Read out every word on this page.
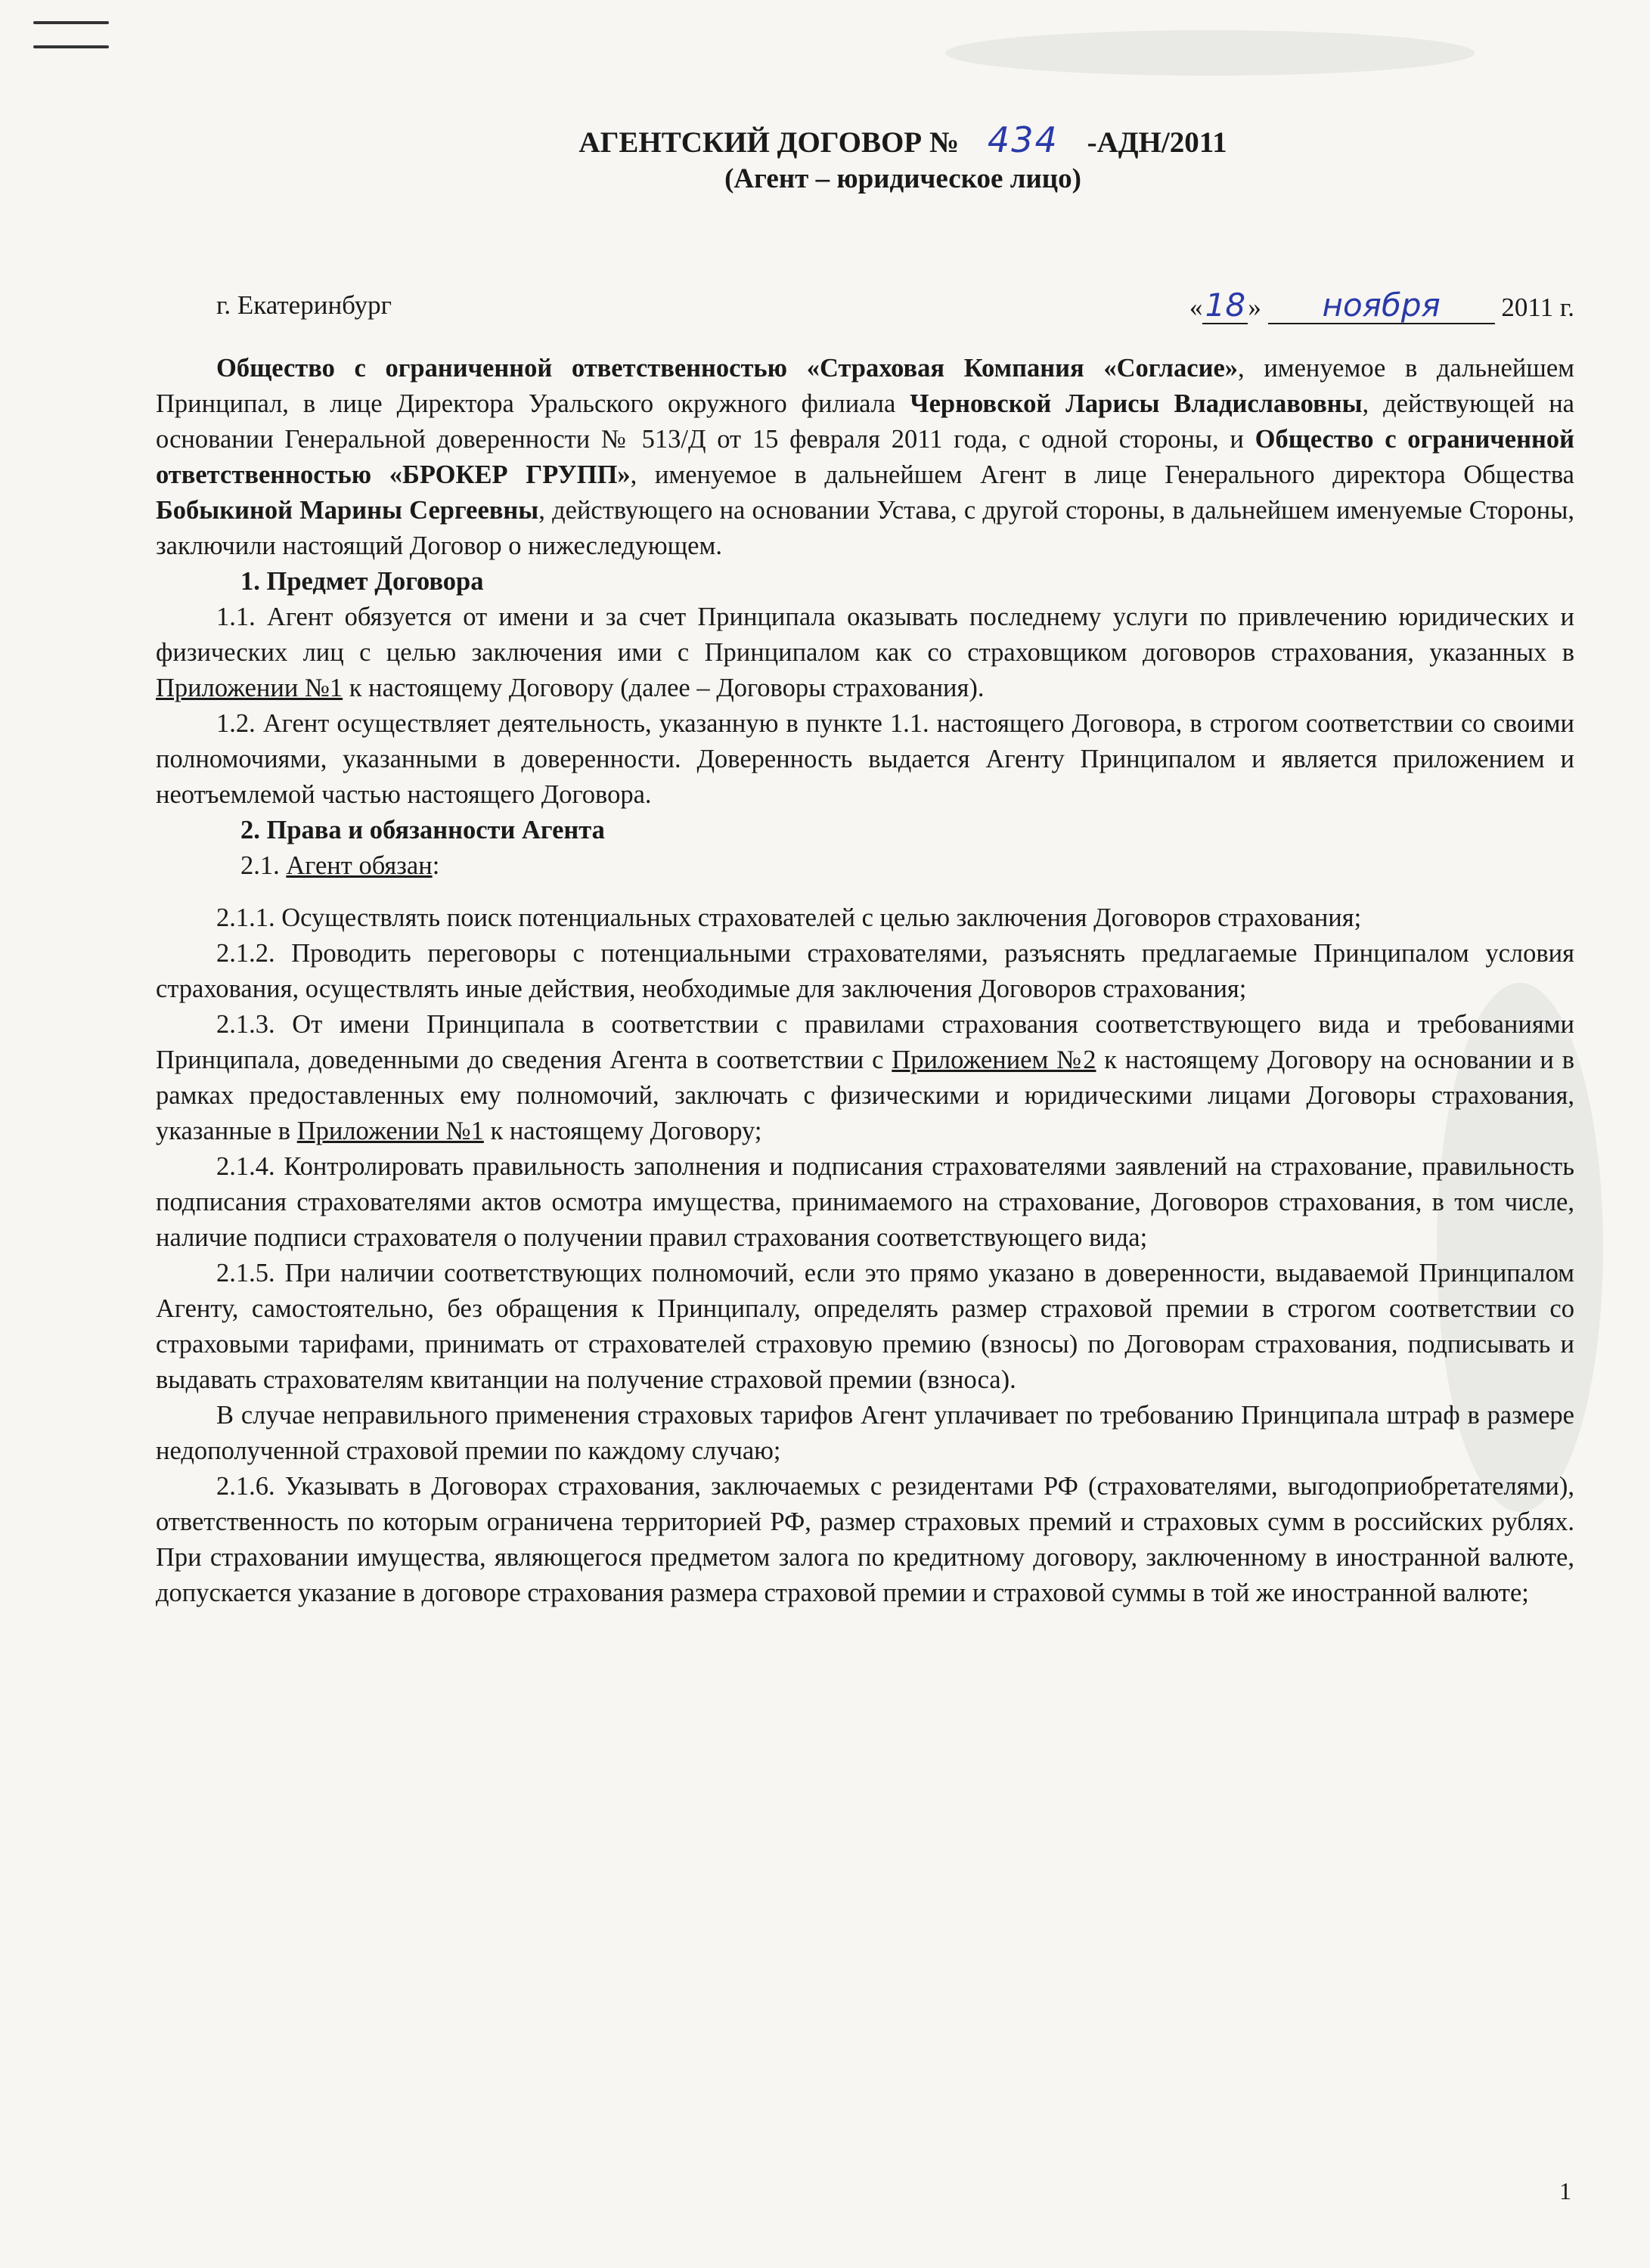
АГЕНТСКИЙ ДОГОВОР № 434 -АДН/2011
(Агент – юридическое лицо)
г. Екатеринбург	«18» ноября 2011 г.

Общество с ограниченной ответственностью «Страховая Компания «Согласие», именуемое в дальнейшем Принципал, в лице Директора Уральского окружного филиала Черновской Ларисы Владиславовны, действующей на основании Генеральной доверенности № 513/Д от 15 февраля 2011 года, с одной стороны, и Общество с ограниченной ответственностью «БРОКЕР ГРУПП», именуемое в дальнейшем Агент в лице Генерального директора Общества Бобыкиной Марины Сергеевны, действующего на основании Устава, с другой стороны, в дальнейшем именуемые Стороны, заключили настоящий Договор о нижеследующем.

1. Предмет Договора

1.1. Агент обязуется от имени и за счет Принципала оказывать последнему услуги по привлечению юридических и физических лиц с целью заключения ими с Принципалом как со страховщиком договоров страхования, указанных в Приложении №1 к настоящему Договору (далее – Договоры страхования).

1.2. Агент осуществляет деятельность, указанную в пункте 1.1. настоящего Договора, в строгом соответствии со своими полномочиями, указанными в доверенности. Доверенность выдается Агенту Принципалом и является приложением и неотъемлемой частью настоящего Договора.

2. Права и обязанности Агента

2.1. Агент обязан:

2.1.1. Осуществлять поиск потенциальных страхователей с целью заключения Договоров страхования;

2.1.2. Проводить переговоры с потенциальными страхователями, разъяснять предлагаемые Принципалом условия страхования, осуществлять иные действия, необходимые для заключения Договоров страхования;

2.1.3. От имени Принципала в соответствии с правилами страхования соответствующего вида и требованиями Принципала, доведенными до сведения Агента в соответствии с Приложением №2 к настоящему Договору на основании и в рамках предоставленных ему полномочий, заключать с физическими и юридическими лицами Договоры страхования, указанные в Приложении №1 к настоящему Договору;

2.1.4. Контролировать правильность заполнения и подписания страхователями заявлений на страхование, правильность подписания страхователями актов осмотра имущества, принимаемого на страхование, Договоров страхования, в том числе, наличие подписи страхователя о получении правил страхования соответствующего вида;

2.1.5. При наличии соответствующих полномочий, если это прямо указано в доверенности, выдаваемой Принципалом Агенту, самостоятельно, без обращения к Принципалу, определять размер страховой премии в строгом соответствии со страховыми тарифами, принимать от страхователей страховую премию (взносы) по Договорам страхования, подписывать и выдавать страхователям квитанции на получение страховой премии (взноса).

В случае неправильного применения страховых тарифов Агент уплачивает по требованию Принципала штраф в размере недополученной страховой премии по каждому случаю;

2.1.6. Указывать в Договорах страхования, заключаемых с резидентами РФ (страхователями, выгодоприобретателями), ответственность по которым ограничена территорией РФ, размер страховых премий и страховых сумм в российских рублях. При страховании имущества, являющегося предметом залога по кредитному договору, заключенному в иностранной валюте, допускается указание в договоре страхования размера страховой премии и страховой суммы в той же иностранной валюте;

1
